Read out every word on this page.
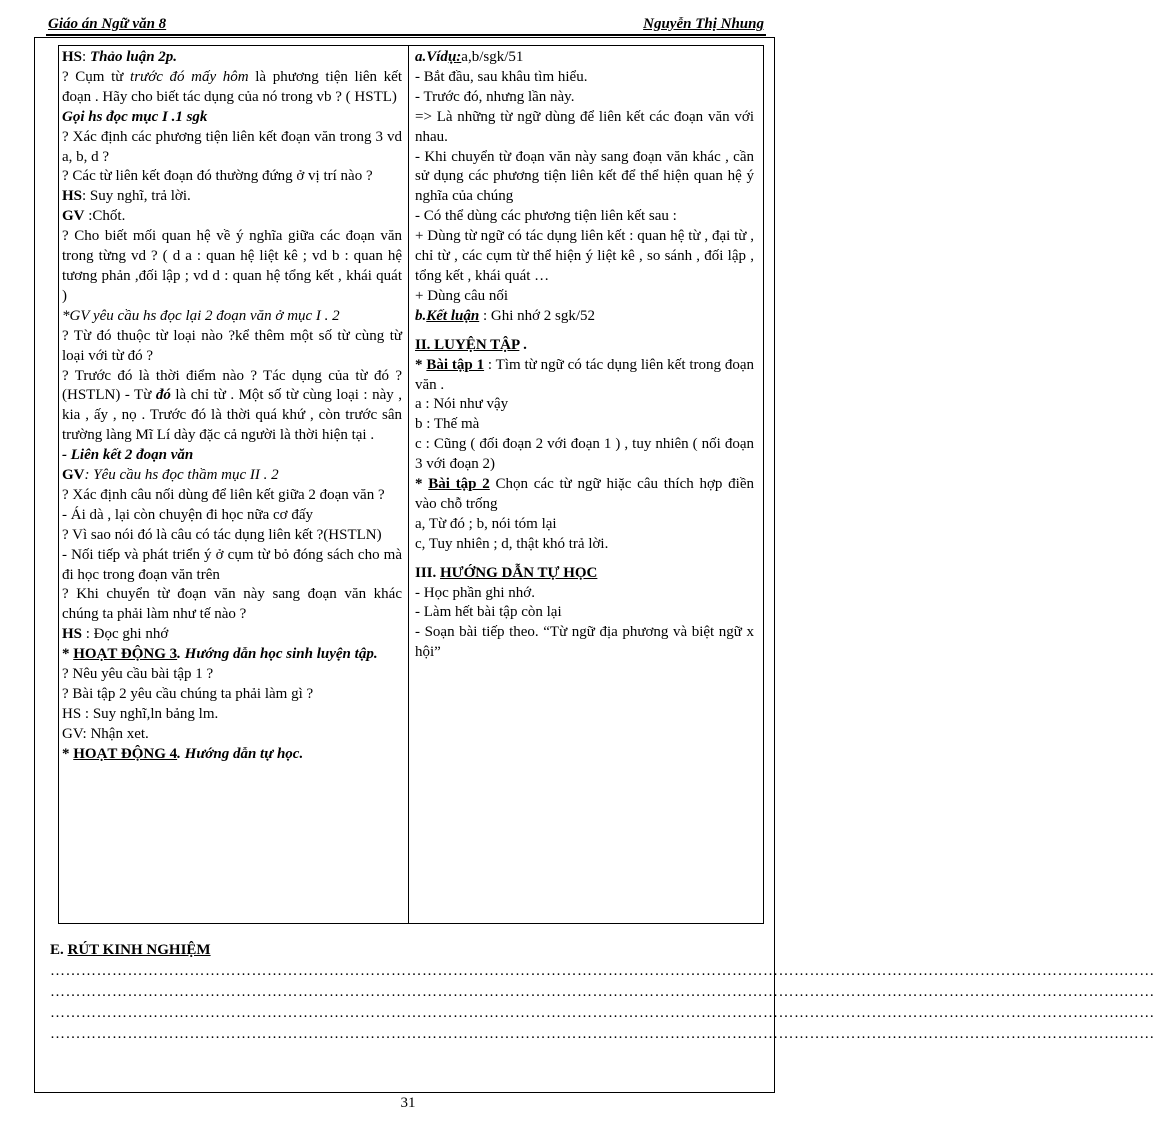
Giáo án Ngữ văn 8	Nguyễn Thị Nhung

HS: Thảo luận 2p.

? Cụm từ trước đó mấy hôm là phương tiện liên kết đoạn . Hãy cho biết tác dụng của nó trong vb ? ( HSTL)

Gọi hs đọc mục I .1 sgk

? Xác định các phương tiện liên kết đoạn văn trong 3 vd a, b, d ?

? Các từ liên kết đoạn đó thường đứng ở vị trí nào ?

HS: Suy nghĩ, trả lời.

GV :Chốt.

? Cho biết mối quan hệ về ý nghĩa giữa các đoạn văn trong từng vd ? ( d a : quan hệ liệt kê ; vd b : quan hệ tương phản ,đối lập ; vd d : quan hệ tổng kết , khái quát )

*GV yêu cầu hs đọc lại 2 đoạn văn ở mục I . 2

? Từ đó thuộc từ loại nào ?kể thêm một số từ cùng từ loại với từ đó ?

? Trước đó là thời điểm nào ? Tác dụng của từ đó ?(HSTLN) - Từ đó là chỉ từ . Một số từ cùng loại : này , kia , ấy , nọ . Trước đó là thời quá khứ , còn trước sân trường làng Mĩ Lí dày đặc cả người là thời hiện tại .

- Liên kết 2 đoạn văn

GV: Yêu cầu hs đọc thầm mục II . 2

? Xác định câu nối dùng để liên kết giữa 2 đoạn văn ?

- Ái dà , lại còn chuyện đi học nữa cơ đấy

? Vì sao nói đó là câu có tác dụng liên kết ?(HSTLN)

- Nối tiếp và phát triển ý ở cụm từ bỏ đóng sách cho mà đi học trong đoạn văn trên

? Khi chuyển từ đoạn văn này sang đoạn văn khác chúng ta phải làm như tế nào ?

HS : Đọc ghi nhớ

* HOẠT ĐỘNG 3. Hướng dẫn học sinh luyện tập.

? Nêu yêu cầu bài tập 1 ?

? Bài tập 2 yêu cầu chúng ta phải làm gì ?

HS : Suy nghĩ,ln bảng lm.

GV: Nhận xet.

* HOẠT ĐỘNG 4. Hướng dẫn tự học.

a.Vídụ:a,b/sgk/51

- Bắt đầu, sau khâu tìm hiểu.

- Trước đó, nhưng lần này.

=> Là những từ ngữ dùng để liên kết các đoạn văn với nhau.

- Khi chuyển từ đoạn văn này sang đoạn văn khác , cần sử dụng các phương tiện liên kết để thể hiện quan hệ ý nghĩa của chúng

- Có thể dùng các phương tiện liên kết sau :

+ Dùng từ ngữ có tác dụng liên kết : quan hệ từ , đại từ , chỉ từ , các cụm từ thể hiện ý liệt kê , so sánh , đối lập , tổng kết , khái quát …

+ Dùng câu nối

b.Kết luận : Ghi nhớ 2 sgk/52

II. LUYỆN TẬP .

* Bài tập 1 : Tìm từ ngữ có tác dụng liên kết trong đoạn văn .

a : Nói như vậy

b : Thế mà

c : Cũng ( đối đoạn 2 với đoạn 1 ) , tuy nhiên ( nối đoạn 3 với đoạn 2)

* Bài tập 2 Chọn các từ ngữ hiặc câu thích hợp điền vào chỗ trống

a, Từ đó ; b, nói tóm lại

c, Tuy nhiên ; d, thật khó trả lời.

III. HƯỚNG DẪN TỰ HỌC

- Học phần ghi nhớ.

- Làm hết bài tập còn lại

- Soạn bài tiếp theo. “Từ ngữ địa phương và biệt ngữ x hội”

E. RÚT KINH NGHIỆM
……………………………………………………………………………………………………………………………………………………………………………………….……
……………………………………………………………………………………………………………………………………………………………………………………….……
……………………………………………………………………………………………………………………………………………………………………………………….……
……………………………………………………………………………………………………………………………………………………………………………………….……
31
